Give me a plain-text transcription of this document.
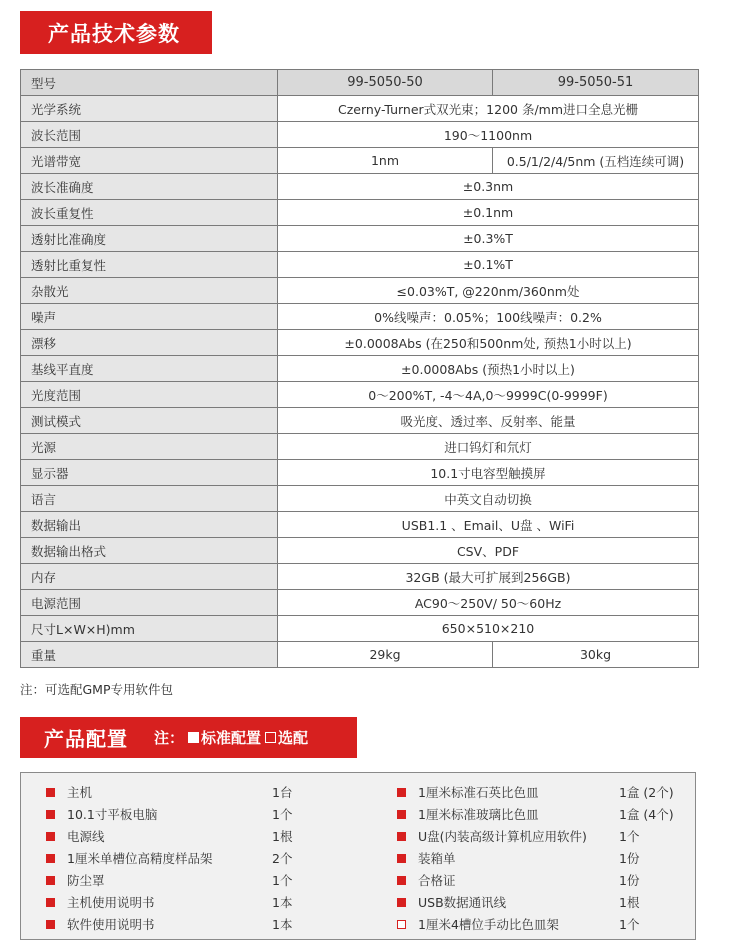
产品技术参数
型号	99-5050-50	99-5050-51
光学系统	Czerny-Turner式双光束；1200 条/mm进口全息光栅	
波长范围	190～1100nm	
光谱带宽	1nm	0.5/1/2/4/5nm (五档连续可调)
波长准确度	±0.3nm	
波长重复性	±0.1nm	
透射比准确度	±0.3%T	
透射比重复性	±0.1%T	
杂散光	≤0.03%T, @220nm/360nm处	
噪声	0%线噪声：0.05%；100线噪声：0.2%	
漂移	±0.0008Abs (在250和500nm处, 预热1小时以上)	
基线平直度	±0.0008Abs (预热1小时以上)	
光度范围	0～200%T, -4～4A,0～9999C(0-9999F)	
测试模式	吸光度、透过率、反射率、能量	
光源	进口钨灯和氘灯	
显示器	10.1寸电容型触摸屏	
语言	中英文自动切换	
数据输出	USB1.1 、Email、U盘 、WiFi	
数据输出格式	CSV、PDF	
内存	32GB (最大可扩展到256GB)	
电源范围	AC90～250V/ 50～60Hz	
尺寸L×W×H)mm	650×510×210	
重量	29kg	30kg
注：可选配GMP专用软件包
产品配置 注： 标准配置 选配
主机	1台
10.1寸平板电脑	1个
电源线	1根
1厘米单槽位高精度样品架	2个
防尘罩	1个
主机使用说明书	1本
软件使用说明书	1本
1厘米标准石英比色皿	1盒 (2个)
1厘米标准玻璃比色皿	1盒 (4个)
U盘(内装高级计算机应用软件)	1个
装箱单	1份
合格证	1份
USB数据通讯线	1根
1厘米4槽位手动比色皿架	1个
